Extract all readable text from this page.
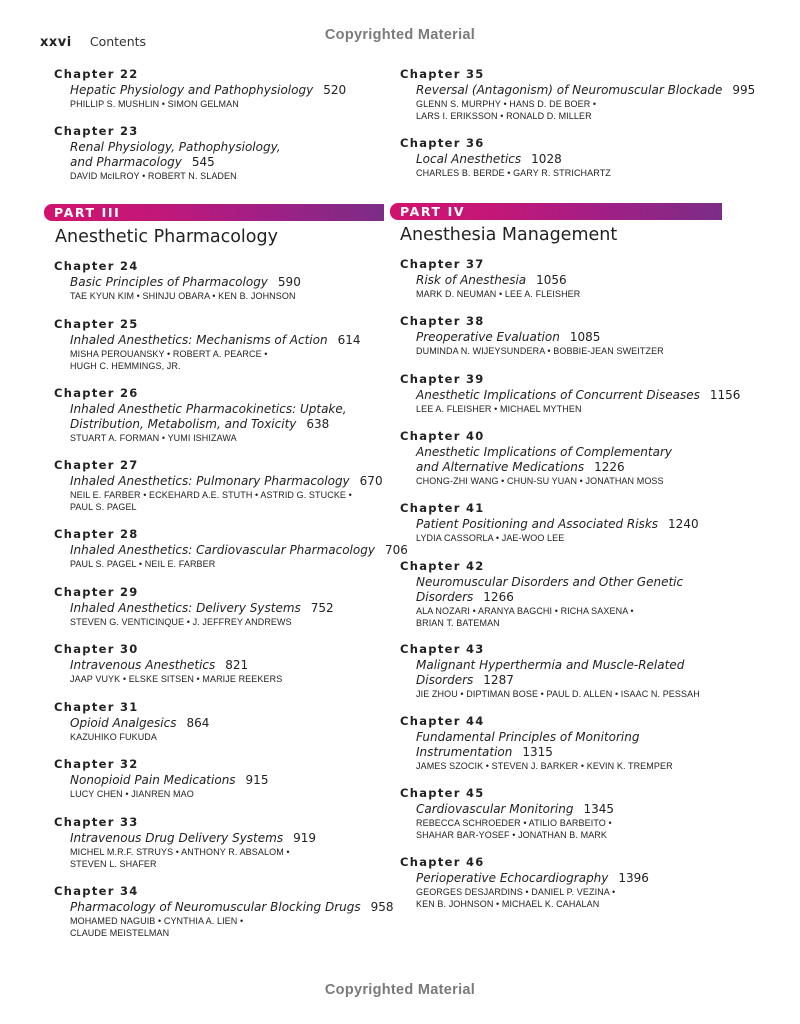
Copyrighted Material
xxvi Contents
Chapter 22
Hepatic Physiology and Pathophysiology 520
PHILLIP S. MUSHLIN • SIMON GELMAN
Chapter 23
Renal Physiology, Pathophysiology,
and Pharmacology 545
DAVID McILROY • ROBERT N. SLADEN
PART III
Anesthetic Pharmacology
Chapter 24
Basic Principles of Pharmacology 590
TAE KYUN KIM • SHINJU OBARA • KEN B. JOHNSON
Chapter 25
Inhaled Anesthetics: Mechanisms of Action 614
MISHA PEROUANSKY • ROBERT A. PEARCE •
HUGH C. HEMMINGS, JR.
Chapter 26
Inhaled Anesthetic Pharmacokinetics: Uptake,
Distribution, Metabolism, and Toxicity 638
STUART A. FORMAN • YUMI ISHIZAWA
Chapter 27
Inhaled Anesthetics: Pulmonary Pharmacology 670
NEIL E. FARBER • ECKEHARD A.E. STUTH • ASTRID G. STUCKE •
PAUL S. PAGEL
Chapter 28
Inhaled Anesthetics: Cardiovascular Pharmacology 706
PAUL S. PAGEL • NEIL E. FARBER
Chapter 29
Inhaled Anesthetics: Delivery Systems 752
STEVEN G. VENTICINQUE • J. JEFFREY ANDREWS
Chapter 30
Intravenous Anesthetics 821
JAAP VUYK • ELSKE SITSEN • MARIJE REEKERS
Chapter 31
Opioid Analgesics 864
KAZUHIKO FUKUDA
Chapter 32
Nonopioid Pain Medications 915
LUCY CHEN • JIANREN MAO
Chapter 33
Intravenous Drug Delivery Systems 919
MICHEL M.R.F. STRUYS • ANTHONY R. ABSALOM •
STEVEN L. SHAFER
Chapter 34
Pharmacology of Neuromuscular Blocking Drugs 958
MOHAMED NAGUIB • CYNTHIA A. LIEN •
CLAUDE MEISTELMAN
Chapter 35
Reversal (Antagonism) of Neuromuscular Blockade 995
GLENN S. MURPHY • HANS D. DE BOER •
LARS I. ERIKSSON • RONALD D. MILLER
Chapter 36
Local Anesthetics 1028
CHARLES B. BERDE • GARY R. STRICHARTZ
PART IV
Anesthesia Management
Chapter 37
Risk of Anesthesia 1056
MARK D. NEUMAN • LEE A. FLEISHER
Chapter 38
Preoperative Evaluation 1085
DUMINDA N. WIJEYSUNDERA • BOBBIE-JEAN SWEITZER
Chapter 39
Anesthetic Implications of Concurrent Diseases 1156
LEE A. FLEISHER • MICHAEL MYTHEN
Chapter 40
Anesthetic Implications of Complementary
and Alternative Medications 1226
CHONG-ZHI WANG • CHUN-SU YUAN • JONATHAN MOSS
Chapter 41
Patient Positioning and Associated Risks 1240
LYDIA CASSORLA • JAE-WOO LEE
Chapter 42
Neuromuscular Disorders and Other Genetic
Disorders 1266
ALA NOZARI • ARANYA BAGCHI • RICHA SAXENA •
BRIAN T. BATEMAN
Chapter 43
Malignant Hyperthermia and Muscle-Related
Disorders 1287
JIE ZHOU • DIPTIMAN BOSE • PAUL D. ALLEN • ISAAC N. PESSAH
Chapter 44
Fundamental Principles of Monitoring
Instrumentation 1315
JAMES SZOCIK • STEVEN J. BARKER • KEVIN K. TREMPER
Chapter 45
Cardiovascular Monitoring 1345
REBECCA SCHROEDER • ATILIO BARBEITO •
SHAHAR BAR-YOSEF • JONATHAN B. MARK
Chapter 46
Perioperative Echocardiography 1396
GEORGES DESJARDINS • DANIEL P. VEZINA •
KEN B. JOHNSON • MICHAEL K. CAHALAN
Copyrighted Material
